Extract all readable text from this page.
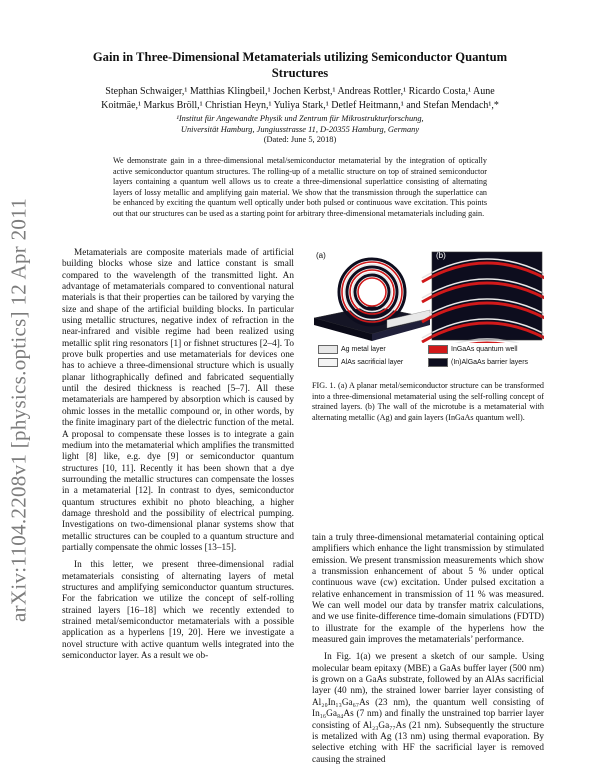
arXiv:1104.2208v1 [physics.optics] 12 Apr 2011
Gain in Three-Dimensional Metamaterials utilizing Semiconductor Quantum
Structures
Stephan Schwaiger,¹ Matthias Klingbeil,¹ Jochen Kerbst,¹ Andreas Rottler,¹ Ricardo Costa,¹ Aune
Koitmäe,¹ Markus Bröll,¹ Christian Heyn,¹ Yuliya Stark,¹ Detlef Heitmann,¹ and Stefan Mendach¹,*
¹Institut für Angewandte Physik und Zentrum für Mikrostrukturforschung,
Universität Hamburg, Jungiusstrasse 11, D-20355 Hamburg, Germany
(Dated: June 5, 2018)
We demonstrate gain in a three-dimensional metal/semiconductor metamaterial by the integration of optically active semiconductor quantum structures. The rolling-up of a metallic structure on top of strained semiconductor layers containing a quantum well allows us to create a three-dimensional superlattice consisting of alternating layers of lossy metallic and amplifying gain material. We show that the transmission through the superlattice can be enhanced by exciting the quantum well optically under both pulsed or continuous wave excitation. This points out that our structures can be used as a starting point for arbitrary three-dimensional metamaterials including gain.

Metamaterials are composite materials made of artificial building blocks whose size and lattice constant is small compared to the wavelength of the transmitted light. An advantage of metamaterials compared to conventional natural materials is that their properties can be tailored by varying the size and shape of the artificial building blocks. In particular using metallic structures, negative index of refraction in the near-infrared and visible regime had been realized using metallic split ring resonators [1] or fishnet structures [2–4]. To prove bulk properties and use metamaterials for devices one has to achieve a three-dimensional structure which is usually planar lithographically defined and fabricated sequentially until the desired thickness is reached [5–7]. All these metamaterials are hampered by absorption which is caused by ohmic losses in the metallic compound or, in other words, by the finite imaginary part of the dielectric function of the metal. A proposal to compensate these losses is to integrate a gain medium into the metamaterial which amplifies the transmitted light [8] like, e.g. dye [9] or semiconductor quantum structures [10, 11]. Recently it has been shown that a dye surrounding the metallic structures can compensate the losses in a metamaterial [12]. In contrast to dyes, semiconductor quantum structures exhibit no photo bleaching, a higher damage threshold and the possibility of electrical pumping. Investigations on two-dimensional planar systems show that metallic structures can be coupled to a quantum structure and partially compensate the ohmic losses [13–15].

In this letter, we present three-dimensional radial metamaterials consisting of alternating layers of metal structures and amplifying semiconductor quantum structures. For the fabrication we utilize the concept of self-rolling strained layers [16–18] which we recently extended to strained metal/semiconductor metamaterials with a possible application as a hyperlens [19, 20]. Here we investigate a novel structure with active quantum wells integrated into the semiconductor layer. As a result we ob-

(a)	(b)
Ag metal layer	InGaAs quantum well
AlAs sacrificial layer	(In)AlGaAs barrier layers
FIG. 1. (a) A planar metal/semiconductor structure can be transformed into a three-dimensional metamaterial using the self-rolling concept of strained layers. (b) The wall of the microtube is a metamaterial with alternating metallic (Ag) and gain layers (InGaAs quantum well).

tain a truly three-dimensional metamaterial containing optical amplifiers which enhance the light transmission by stimulated emission. We present transmission measurements which show a transmission enhancement of about 5 % under optical continuous wave (cw) excitation. Under pulsed excitation a relative enhancement in transmission of 11 % was measured. We can well model our data by transfer matrix calculations, and we use finite-difference time-domain simulations (FDTD) to illustrate for the example of the hyperlens how the measured gain improves the metamaterials’ performance.

In Fig. 1(a) we present a sketch of our sample. Using molecular beam epitaxy (MBE) a GaAs buffer layer (500 nm) is grown on a GaAs substrate, followed by an AlAs sacrificial layer (40 nm), the strained lower barrier layer consisting of Al₂₀In₁₃Ga₆₇As (23 nm), the quantum well consisting of In₁₆Ga₈₄As (7 nm) and finally the unstrained top barrier layer consisting of Al₂₃Ga₇₇As (21 nm). Subsequently the structure is metalized with Ag (13 nm) using thermal evaporation. By selective etching with HF the sacrificial layer is removed causing the strained
